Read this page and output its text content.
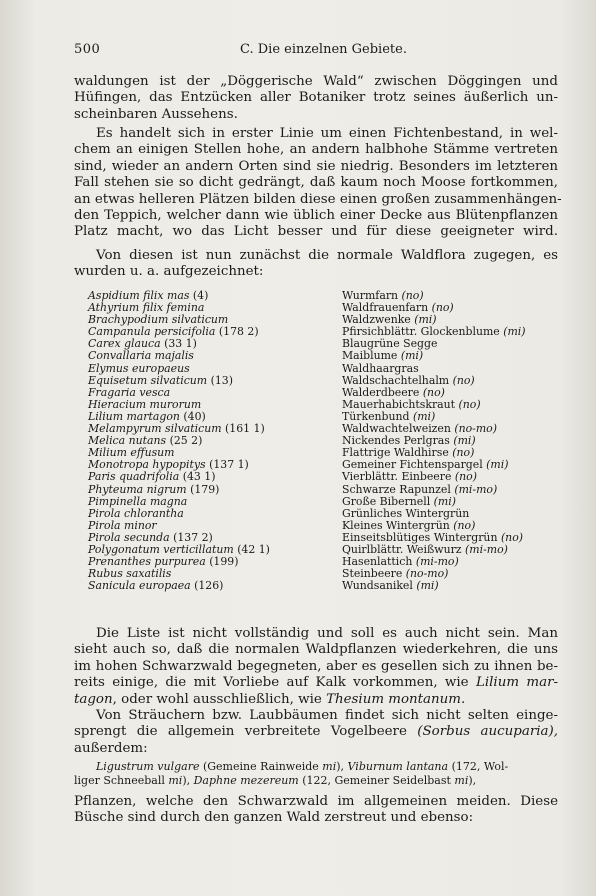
500	C. Die einzelnen Gebiete.
waldungen ist der „Döggerische Wald“ zwischen Döggingen und
Hüfingen, das Entzücken aller Botaniker trotz seines äußerlich un-
scheinbaren Aussehens.
Es handelt sich in erster Linie um einen Fichtenbestand, in wel-
chem an einigen Stellen hohe, an andern halbhohe Stämme vertreten
sind, wieder an andern Orten sind sie niedrig. Besonders im letzteren
Fall stehen sie so dicht gedrängt, daß kaum noch Moose fortkommen,
an etwas helleren Plätzen bilden diese einen großen zusammenhängen-
den Teppich, welcher dann wie üblich einer Decke aus Blütenpflanzen
Platz macht, wo das Licht besser und für diese geeigneter wird.
Von diesen ist nun zunächst die normale Waldflora zugegen, es
wurden u. a. aufgezeichnet:
Aspidium filix mas (4)	Wurmfarn (no)
Athyrium filix femina	Waldfrauenfarn (no)
Brachypodium silvaticum	Waldzwenke (mi)
Campanula persicifolia (178 2)	Pfirsichblättr. Glockenblume (mi)
Carex glauca (33 1)	Blaugrüne Segge
Convallaria majalis	Maiblume (mi)
Elymus europaeus	Waldhaargras
Equisetum silvaticum (13)	Waldschachtelhalm (no)
Fragaria vesca	Walderdbeere (no)
Hieracium murorum	Mauerhabichtskraut (no)
Lilium martagon (40)	Türkenbund (mi)
Melampyrum silvaticum (161 1)	Waldwachtelweizen (no-mo)
Melica nutans (25 2)	Nickendes Perlgras (mi)
Milium effusum	Flattrige Waldhirse (no)
Monotropa hypopitys (137 1)	Gemeiner Fichtenspargel (mi)
Paris quadrifolia (43 1)	Vierblättr. Einbeere (no)
Phyteuma nigrum (179)	Schwarze Rapunzel (mi-mo)
Pimpinella magna	Große Bibernell (mi)
Pirola chlorantha	Grünliches Wintergrün
Pirola minor	Kleines Wintergrün (no)
Pirola secunda (137 2)	Einseitsblütiges Wintergrün (no)
Polygonatum verticillatum (42 1)	Quirlblättr. Weißwurz (mi-mo)
Prenanthes purpurea (199)	Hasenlattich (mi-mo)
Rubus saxatilis	Steinbeere (no-mo)
Sanicula europaea (126)	Wundsanikel (mi)
Die Liste ist nicht vollständig und soll es auch nicht sein. Man
sieht auch so, daß die normalen Waldpflanzen wiederkehren, die uns
im hohen Schwarzwald begegneten, aber es gesellen sich zu ihnen be-
reits einige, die mit Vorliebe auf Kalk vorkommen, wie Lilium mar-
tagon, oder wohl ausschließlich, wie Thesium montanum.
Von Sträuchern bzw. Laubbäumen findet sich nicht selten einge-
sprengt die allgemein verbreitete Vogelbeere (Sorbus aucuparia),
außerdem:
Ligustrum vulgare (Gemeine Rainweide mi), Viburnum lantana (172, Wol-
liger Schneeball mi), Daphne mezereum (122, Gemeiner Seidelbast mi),
Pflanzen, welche den Schwarzwald im allgemeinen meiden. Diese
Büsche sind durch den ganzen Wald zerstreut und ebenso:
